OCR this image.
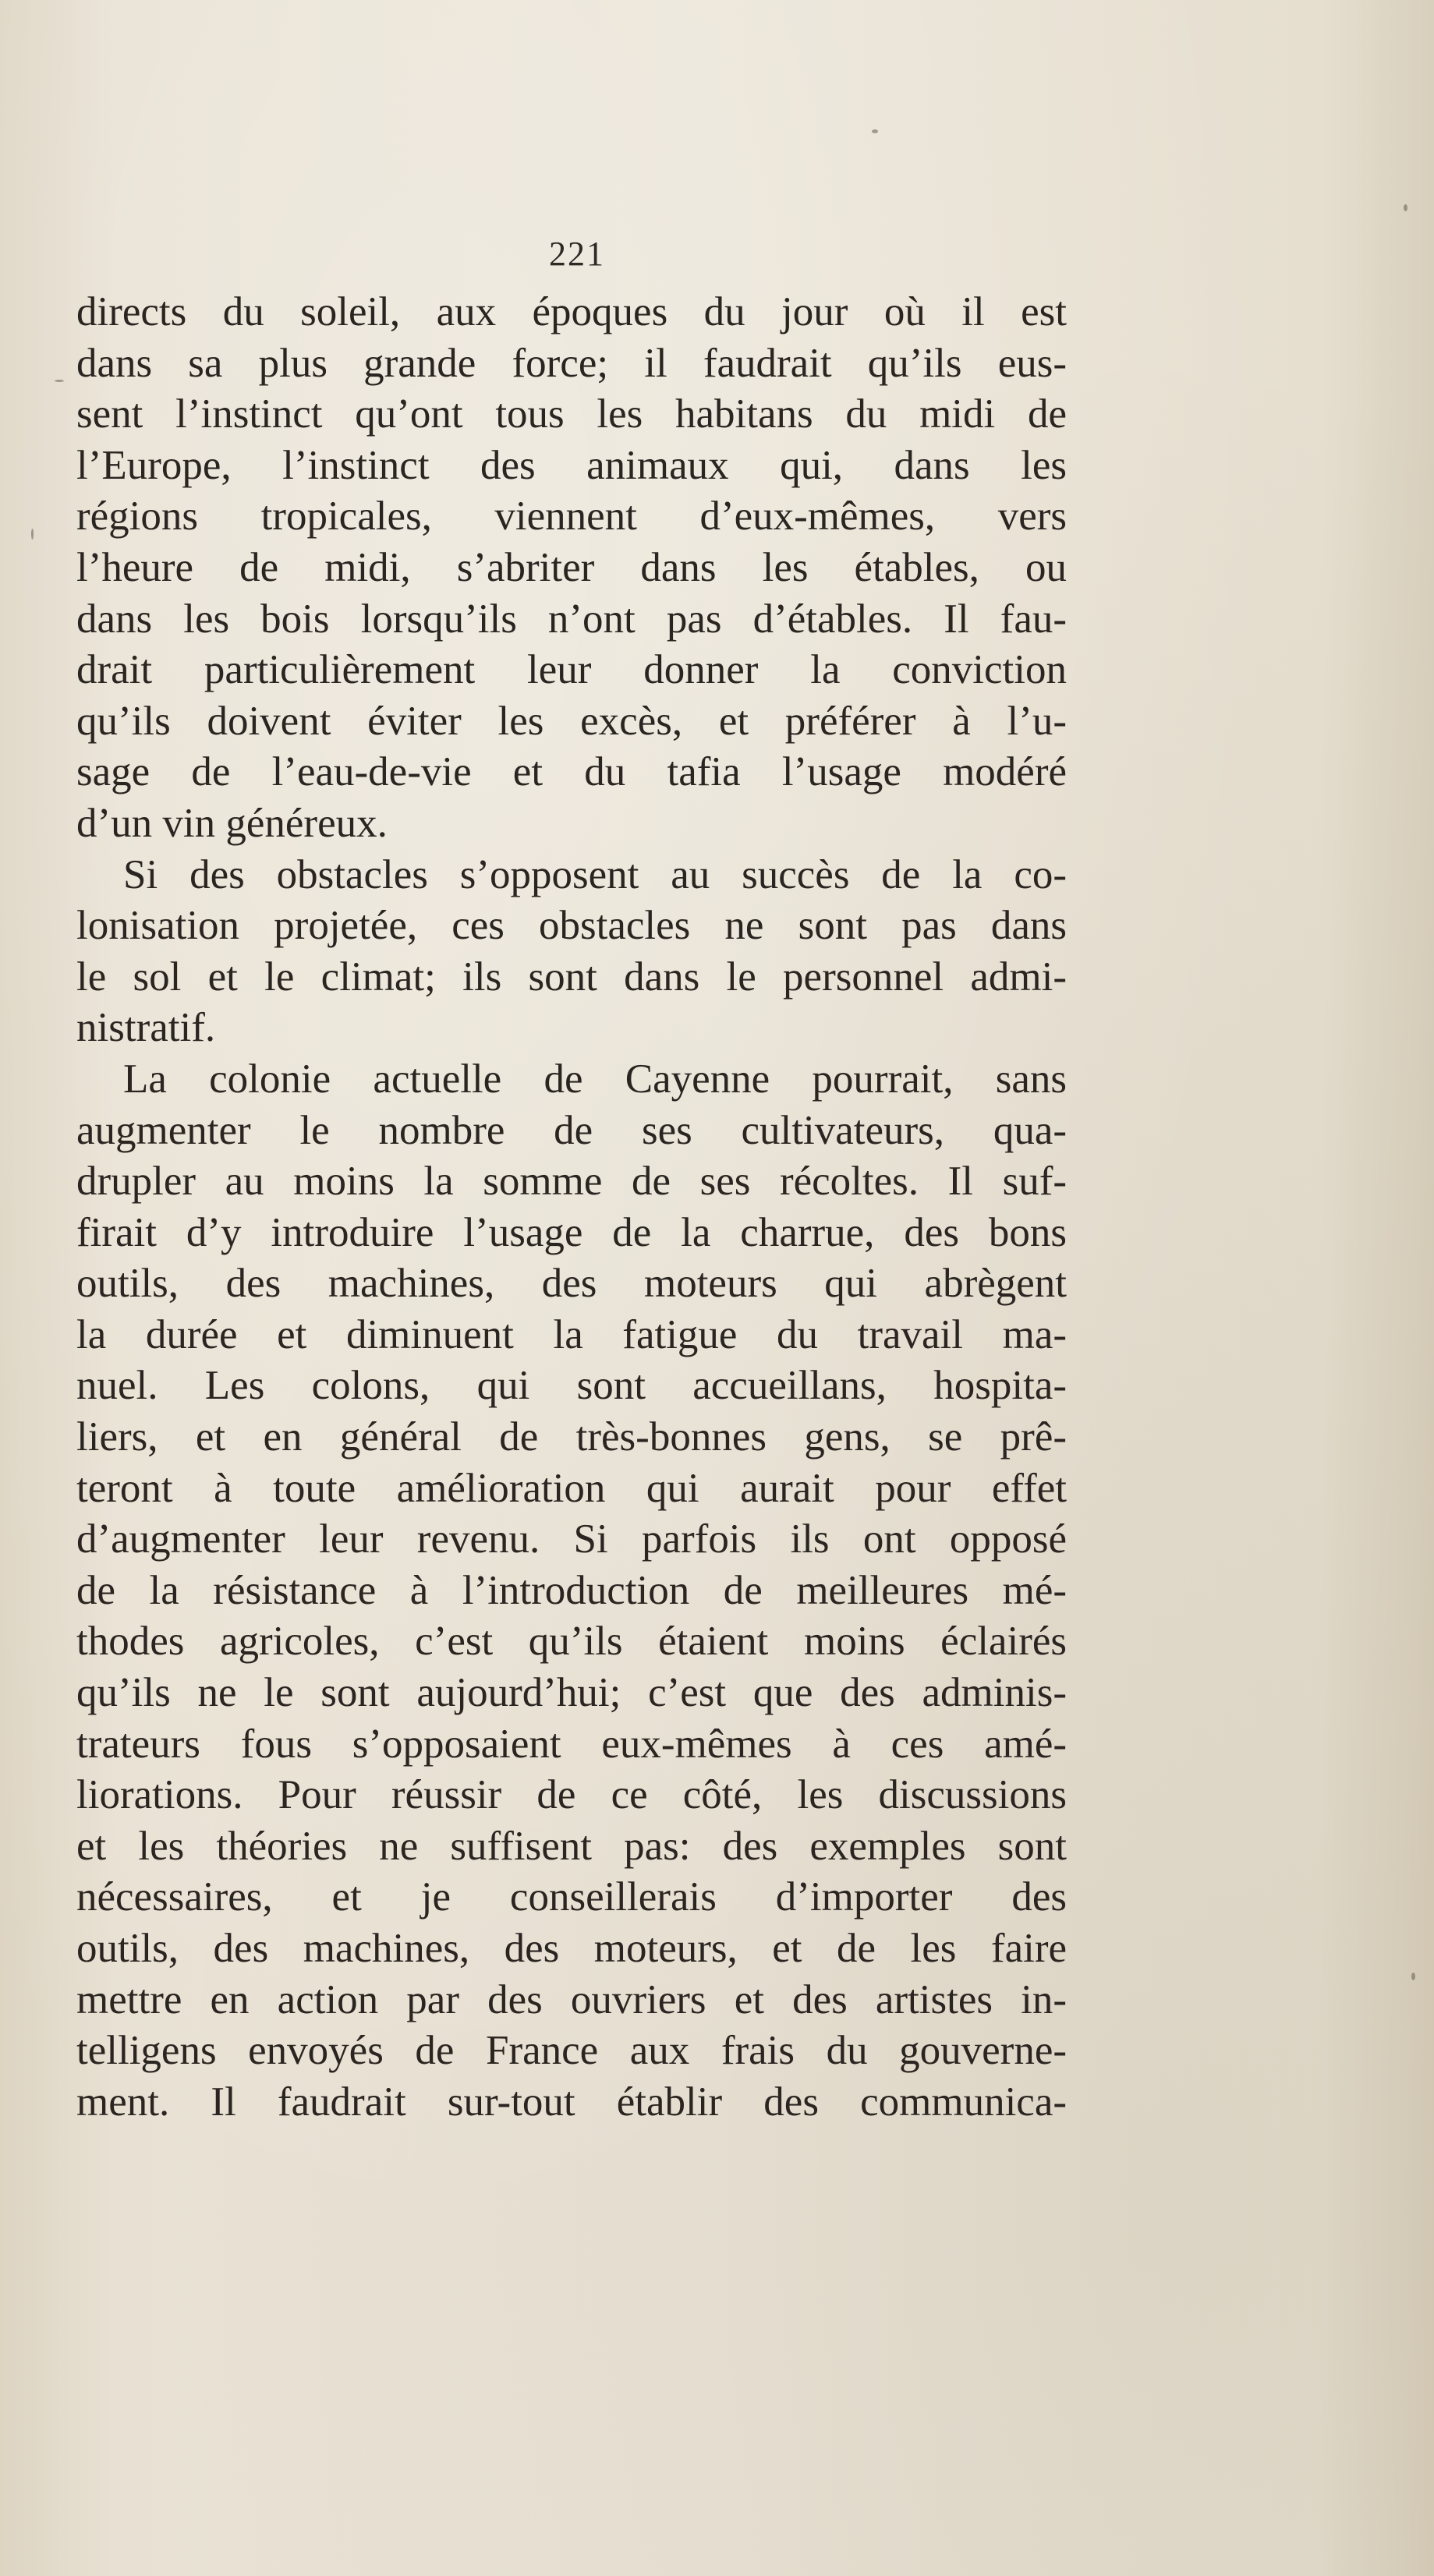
221
directs du soleil, aux époques du jour où il est
dans sa plus grande force; il faudrait qu’ils eus-
sent l’instinct qu’ont tous les habitans du midi de
l’Europe, l’instinct des animaux qui, dans les
régions tropicales, viennent d’eux-mêmes, vers
l’heure de midi, s’abriter dans les étables, ou
dans les bois lorsqu’ils n’ont pas d’étables. Il fau-
drait particulièrement leur donner la conviction
qu’ils doivent éviter les excès, et préférer à l’u-
sage de l’eau-de-vie et du tafia l’usage modéré
d’un vin généreux.
Si des obstacles s’opposent au succès de la co-
lonisation projetée, ces obstacles ne sont pas dans
le sol et le climat; ils sont dans le personnel admi-
nistratif.
La colonie actuelle de Cayenne pourrait, sans
augmenter le nombre de ses cultivateurs, qua-
drupler au moins la somme de ses récoltes. Il suf-
firait d’y introduire l’usage de la charrue, des bons
outils, des machines, des moteurs qui abrègent
la durée et diminuent la fatigue du travail ma-
nuel. Les colons, qui sont accueillans, hospita-
liers, et en général de très-bonnes gens, se prê-
teront à toute amélioration qui aurait pour effet
d’augmenter leur revenu. Si parfois ils ont opposé
de la résistance à l’introduction de meilleures mé-
thodes agricoles, c’est qu’ils étaient moins éclairés
qu’ils ne le sont aujourd’hui; c’est que des adminis-
trateurs fous s’opposaient eux-mêmes à ces amé-
liorations. Pour réussir de ce côté, les discussions
et les théories ne suffisent pas: des exemples sont
nécessaires, et je conseillerais d’importer des
outils, des machines, des moteurs, et de les faire
mettre en action par des ouvriers et des artistes in-
telligens envoyés de France aux frais du gouverne-
ment. Il faudrait sur-tout établir des communica-
